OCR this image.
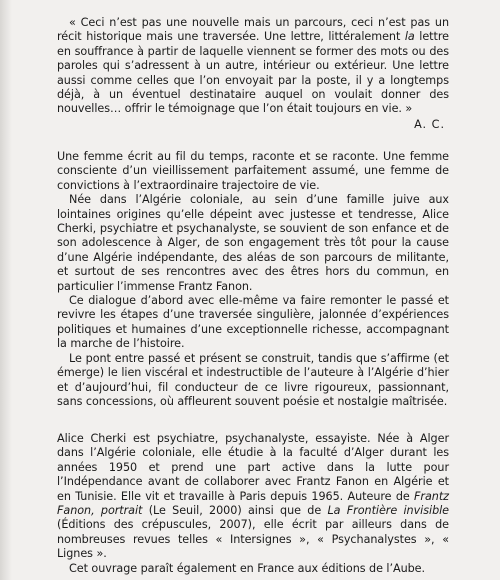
« Ceci n’est pas une nouvelle mais un parcours, ceci n’est pas un récit historique mais une traversée. Une lettre, littéralement la lettre en souffrance à partir de laquelle viennent se former des mots ou des paroles qui s’adressent à un autre, intérieur ou extérieur. Une lettre aussi comme celles que l’on envoyait par la poste, il y a longtemps déjà, à un éventuel destinataire auquel on voulait donner des nouvelles… offrir le témoignage que l’on était toujours en vie. »

A. C.

Une femme écrit au fil du temps, raconte et se raconte. Une femme consciente d’un vieillissement parfaitement assumé, une femme de convictions à l’extraordinaire trajectoire de vie.

Née dans l’Algérie coloniale, au sein d’une famille juive aux lointaines origines qu’elle dépeint avec justesse et tendresse, Alice Cherki, psychiatre et psychanalyste, se souvient de son enfance et de son adolescence à Alger, de son engagement très tôt pour la cause d’une Algérie indépendante, des aléas de son parcours de militante, et surtout de ses rencontres avec des êtres hors du commun, en particulier l’immense Frantz Fanon.

Ce dialogue d’abord avec elle-même va faire remonter le passé et revivre les étapes d’une traversée singulière, jalonnée d’expériences politiques et humaines d’une exceptionnelle richesse, accompagnant la marche de l’histoire.

Le pont entre passé et présent se construit, tandis que s’affirme (et émerge) le lien viscéral et indestructible de l’auteure à l’Algérie d’hier et d’aujourd’hui, fil conducteur de ce livre rigoureux, passionnant, sans concessions, où affleurent souvent poésie et nostalgie maîtrisée.

Alice Cherki est psychiatre, psychanalyste, essayiste. Née à Alger dans l’Algérie coloniale, elle étudie à la faculté d’Alger durant les années 1950 et prend une part active dans la lutte pour l’Indépendance avant de collaborer avec Frantz Fanon en Algérie et en Tunisie. Elle vit et travaille à Paris depuis 1965. Auteure de Frantz Fanon, portrait (Le Seuil, 2000) ainsi que de La Frontière invisible (Éditions des crépuscules, 2007), elle écrit par ailleurs dans de nombreuses revues telles « Intersignes », « Psychanalystes », « Lignes ».

Cet ouvrage paraît également en France aux éditions de l’Aube.
